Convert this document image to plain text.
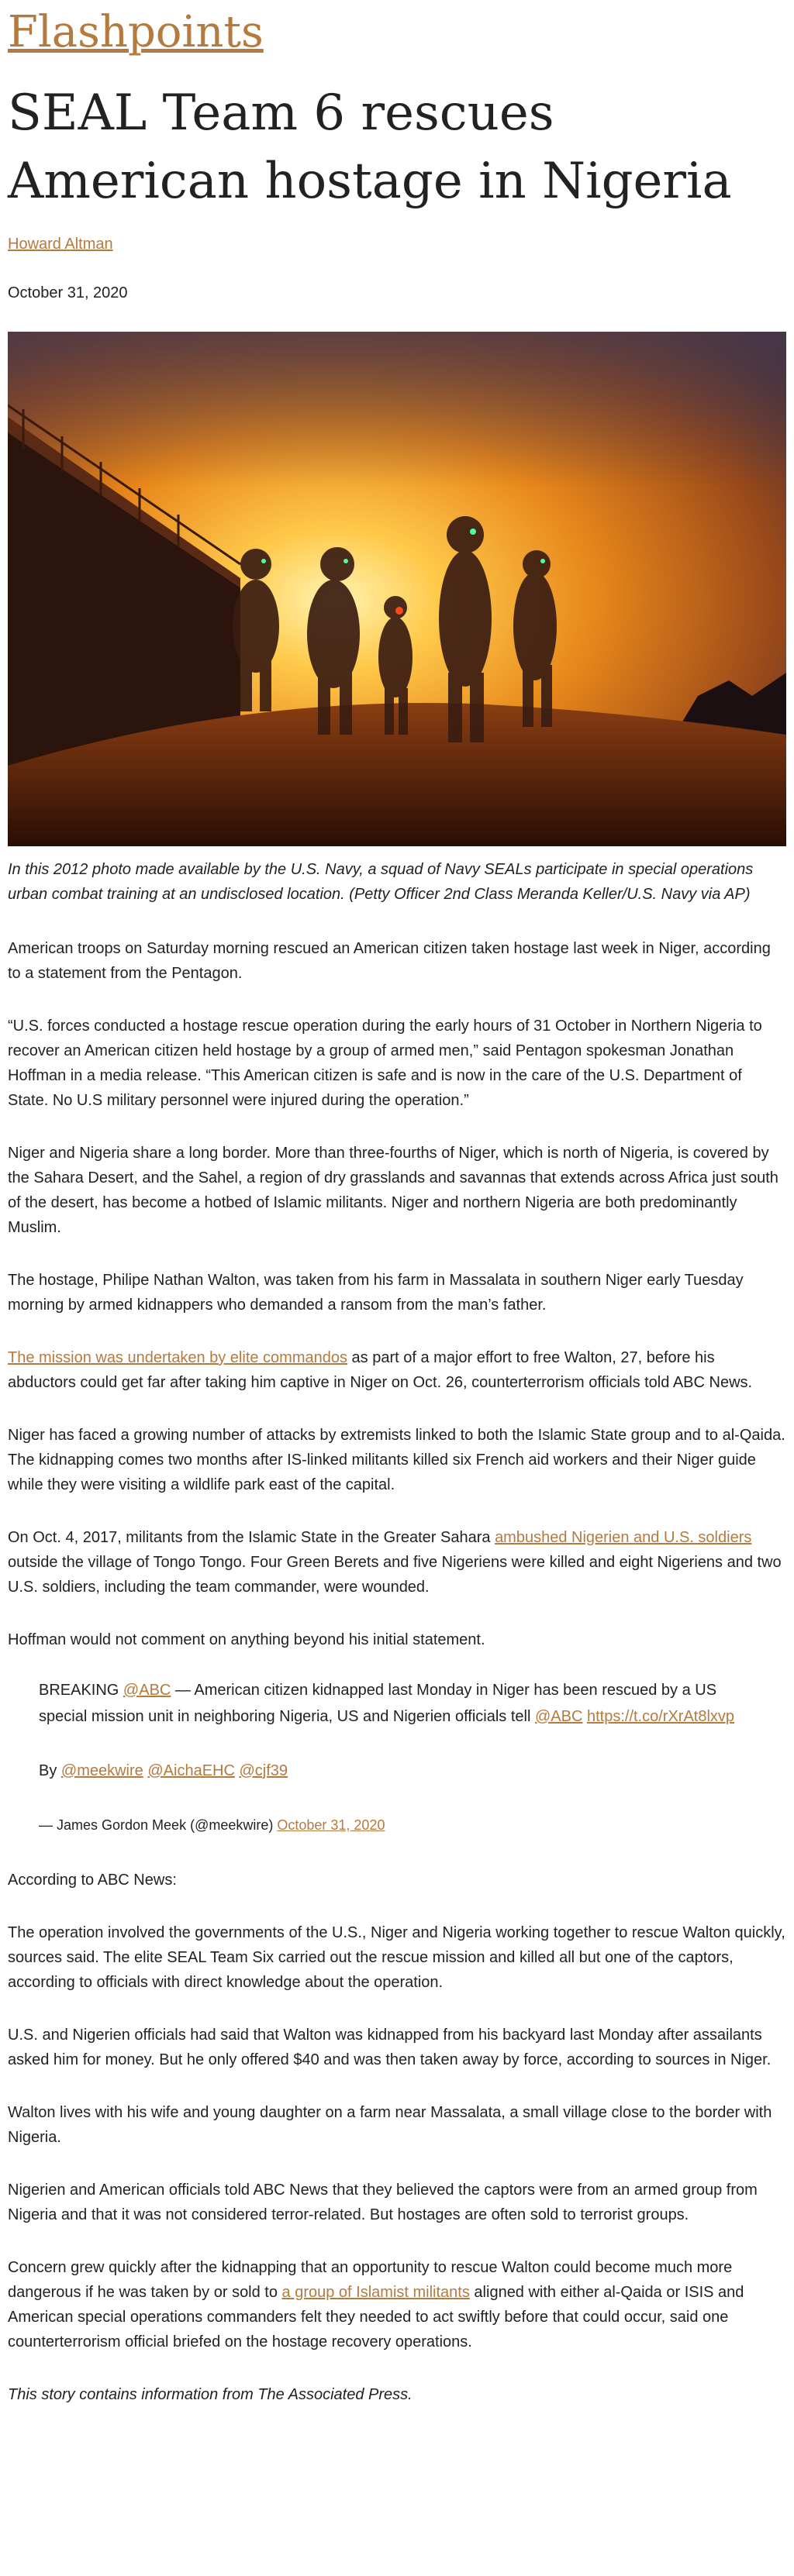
Flashpoints
SEAL Team 6 rescues American hostage in Nigeria
Howard Altman
October 31, 2020

In this 2012 photo made available by the U.S. Navy, a squad of Navy SEALs participate in special operations urban combat training at an undisclosed location. (Petty Officer 2nd Class Meranda Keller/U.S. Navy via AP)

American troops on Saturday morning rescued an American citizen taken hostage last week in Niger, according to a statement from the Pentagon.

“U.S. forces conducted a hostage rescue operation during the early hours of 31 October in Northern Nigeria to recover an American citizen held hostage by a group of armed men,” said Pentagon spokesman Jonathan Hoffman in a media release. “This American citizen is safe and is now in the care of the U.S. Department of State. No U.S military personnel were injured during the operation.”

Niger and Nigeria share a long border. More than three-fourths of Niger, which is north of Nigeria, is covered by the Sahara Desert, and the Sahel, a region of dry grasslands and savannas that extends across Africa just south of the desert, has become a hotbed of Islamic militants. Niger and northern Nigeria are both predominantly Muslim.

The hostage, Philipe Nathan Walton, was taken from his farm in Massalata in southern Niger early Tuesday morning by armed kidnappers who demanded a ransom from the man’s father.

The mission was undertaken by elite commandos as part of a major effort to free Walton, 27, before his abductors could get far after taking him captive in Niger on Oct. 26, counterterrorism officials told ABC News.

Niger has faced a growing number of attacks by extremists linked to both the Islamic State group and to al-Qaida. The kidnapping comes two months after IS-linked militants killed six French aid workers and their Niger guide while they were visiting a wildlife park east of the capital.

On Oct. 4, 2017, militants from the Islamic State in the Greater Sahara ambushed Nigerien and U.S. soldiers outside the village of Tongo Tongo. Four Green Berets and five Nigeriens were killed and eight Nigeriens and two U.S. soldiers, including the team commander, were wounded.

Hoffman would not comment on anything beyond his initial statement.

BREAKING @ABC — American citizen kidnapped last Monday in Niger has been rescued by a US special mission unit in neighboring Nigeria, US and Nigerien officials tell @ABC https://t.co/rXrAt8lxvp

By @meekwire @AichaEHC @cjf39

— James Gordon Meek (@meekwire) October 31, 2020

According to ABC News:

The operation involved the governments of the U.S., Niger and Nigeria working together to rescue Walton quickly, sources said. The elite SEAL Team Six carried out the rescue mission and killed all but one of the captors, according to officials with direct knowledge about the operation.

U.S. and Nigerien officials had said that Walton was kidnapped from his backyard last Monday after assailants asked him for money. But he only offered $40 and was then taken away by force, according to sources in Niger.

Walton lives with his wife and young daughter on a farm near Massalata, a small village close to the border with Nigeria.

Nigerien and American officials told ABC News that they believed the captors were from an armed group from Nigeria and that it was not considered terror-related. But hostages are often sold to terrorist groups.

Concern grew quickly after the kidnapping that an opportunity to rescue Walton could become much more dangerous if he was taken by or sold to a group of Islamist militants aligned with either al-Qaida or ISIS and American special operations commanders felt they needed to act swiftly before that could occur, said one counterterrorism official briefed on the hostage recovery operations.

This story contains information from The Associated Press.
